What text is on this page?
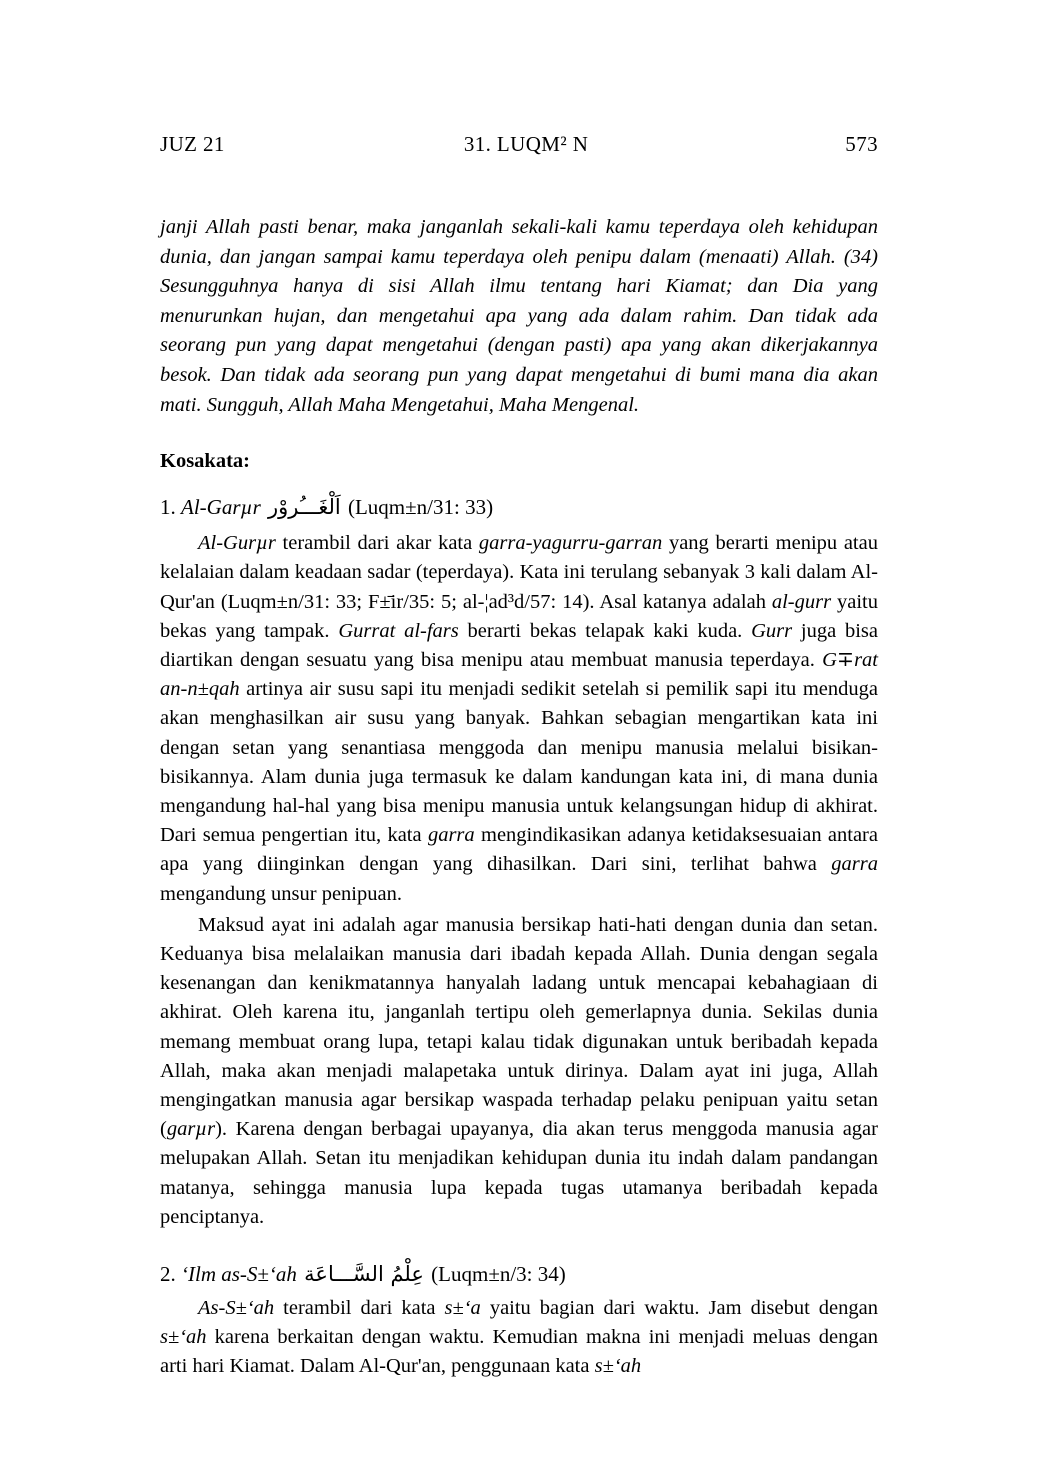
JUZ 21	31. LUQM² N	573

janji Allah pasti benar, maka janganlah sekali-kali kamu teperdaya oleh kehidupan dunia, dan jangan sampai kamu teperdaya oleh penipu dalam (menaati) Allah. (34) Sesungguhnya hanya di sisi Allah ilmu tentang hari Kiamat; dan Dia yang menurunkan hujan, dan mengetahui apa yang ada dalam rahim. Dan tidak ada seorang pun yang dapat mengetahui (dengan pasti) apa yang akan dikerjakannya besok. Dan tidak ada seorang pun yang dapat mengetahui di bumi mana dia akan mati. Sungguh, Allah Maha Mengetahui, Maha Mengenal.

Kosakata:
1. Al-Garµr اَلْغَـــُروْر (Luqm±n/31: 33)

Al-Gurµr terambil dari akar kata garra-yagurru-garran yang berarti menipu atau kelalaian dalam keadaan sadar (teperdaya). Kata ini terulang sebanyak 3 kali dalam Al-Qur'an (Luqm±n/31: 33; F±̄ir/35: 5; al-¦ad³d/57: 14). Asal katanya adalah al-gurr yaitu bekas yang tampak. Gurrat al-fars berarti bekas telapak kaki kuda. Gurr juga bisa diartikan dengan sesuatu yang bisa menipu atau membuat manusia teperdaya. G∓rat an-n±qah artinya air susu sapi itu menjadi sedikit setelah si pemilik sapi itu menduga akan menghasilkan air susu yang banyak. Bahkan sebagian mengartikan kata ini dengan setan yang senantiasa menggoda dan menipu manusia melalui bisikan-bisikannya. Alam dunia juga termasuk ke dalam kandungan kata ini, di mana dunia mengandung hal-hal yang bisa menipu manusia untuk kelangsungan hidup di akhirat. Dari semua pengertian itu, kata garra mengindikasikan adanya ketidaksesuaian antara apa yang diinginkan dengan yang dihasilkan. Dari sini, terlihat bahwa garra mengandung unsur penipuan.

Maksud ayat ini adalah agar manusia bersikap hati-hati dengan dunia dan setan. Keduanya bisa melalaikan manusia dari ibadah kepada Allah. Dunia dengan segala kesenangan dan kenikmatannya hanyalah ladang untuk mencapai kebahagiaan di akhirat. Oleh karena itu, janganlah tertipu oleh gemerlapnya dunia. Sekilas dunia memang membuat orang lupa, tetapi kalau tidak digunakan untuk beribadah kepada Allah, maka akan menjadi malapetaka untuk dirinya. Dalam ayat ini juga, Allah mengingatkan manusia agar bersikap waspada terhadap pelaku penipuan yaitu setan (garµr). Karena dengan berbagai upayanya, dia akan terus menggoda manusia agar melupakan Allah. Setan itu menjadikan kehidupan dunia itu indah dalam pandangan matanya, sehingga manusia lupa kepada tugas utamanya beribadah kepada penciptanya.

2. ‘Ilm as-S±‘ah عِلْمُ السَّـــاعَة (Luqm±n/3: 34)

As-S±‘ah terambil dari kata s±‘a yaitu bagian dari waktu. Jam disebut dengan s±‘ah karena berkaitan dengan waktu. Kemudian makna ini menjadi meluas dengan arti hari Kiamat. Dalam Al-Qur'an, penggunaan kata s±‘ah
